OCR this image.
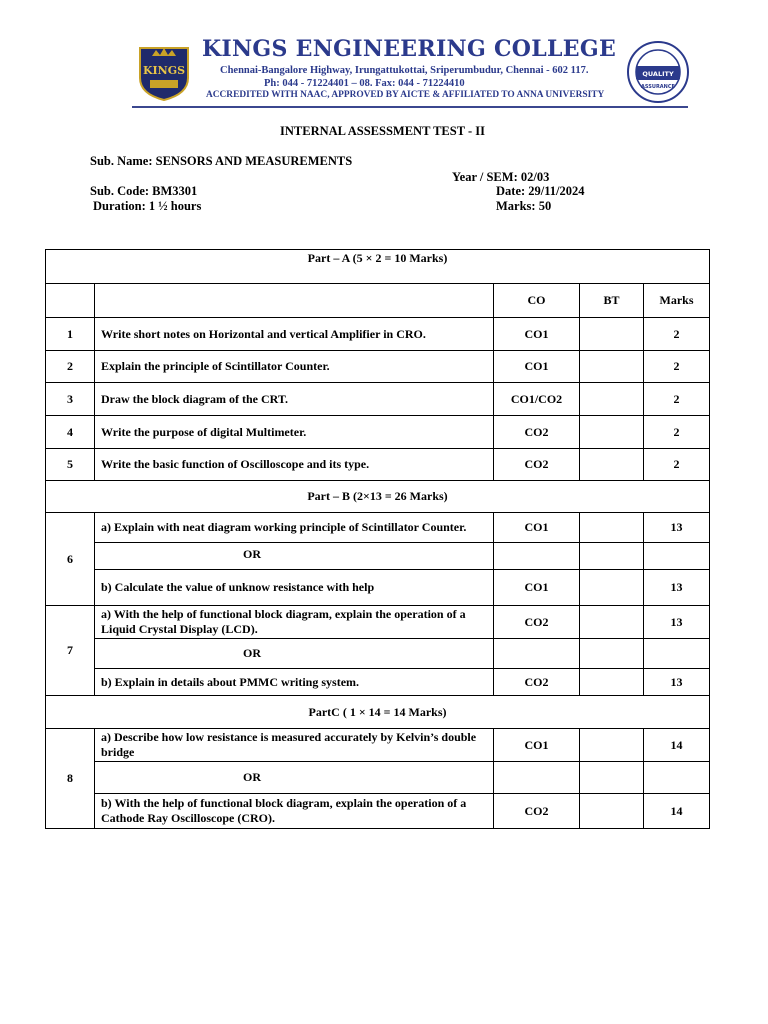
KINGS
KINGS ENGINEERING COLLEGE
Chennai-Bangalore Highway, Irungattukottai, Sriperumbudur, Chennai - 602 117.
Ph: 044 - 71224401 – 08. Fax: 044 - 71224410
ACCREDITED WITH NAAC, APPROVED BY AICTE & AFFILIATED TO ANNA UNIVERSITY
QUALITY
ASSURANCE
INTERNAL ASSESSMENT TEST - II
Sub. Name: SENSORS AND MEASUREMENTS
Year / SEM: 02/03
Sub. Code: BM3301	Date: 29/11/2024
Duration: 1 ½ hours	Marks: 50
Part – A (5 × 2 = 10 Marks)				
		CO	BT	Marks
1	Write short notes on Horizontal and vertical Amplifier in CRO.	CO1		2
2	Explain the principle of Scintillator Counter.	CO1		2
3	Draw the block diagram of the CRT.	CO1/CO2		2
4	Write the purpose of digital Multimeter.	CO2		2
5	Write the basic function of Oscilloscope and its type.	CO2		2
Part – B (2×13 = 26 Marks)				
6	a) Explain with neat diagram working principle of Scintillator Counter.	CO1		13
	OR			
	b) Calculate the value of unknow resistance with help	CO1		13
7	a) With the help of functional block diagram, explain the operation of a Liquid Crystal Display (LCD).	CO2		13
	OR			
	b) Explain in details about PMMC writing system.	CO2		13
PartC ( 1 × 14 = 14 Marks)				
8	a) Describe how low resistance is measured accurately by Kelvin’s double bridge	CO1		14
	OR			
	b) With the help of functional block diagram, explain the operation of a Cathode Ray Oscilloscope (CRO).	CO2		14
